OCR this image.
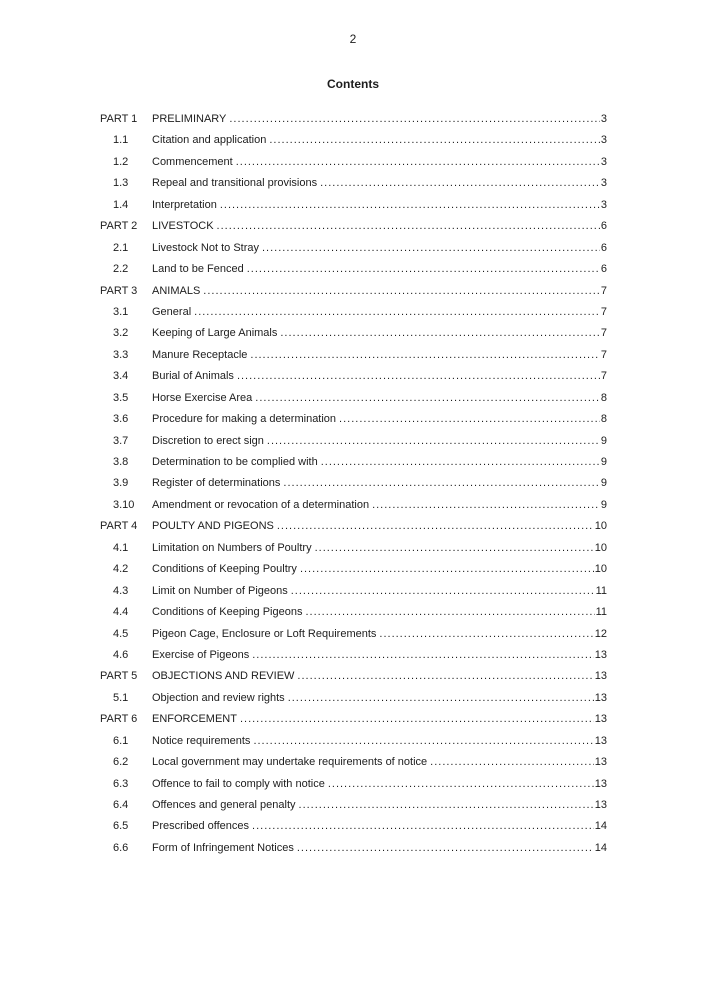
2
Contents
PART 1	PRELIMINARY .....	3
1.1	Citation and application .....	3
1.2	Commencement .....	3
1.3	Repeal and transitional provisions .....	3
1.4	Interpretation .....	3
PART 2	LIVESTOCK .....	6
2.1	Livestock Not to Stray .....	6
2.2	Land to be Fenced .....	6
PART 3	ANIMALS .....	7
3.1	General .....	7
3.2	Keeping of Large Animals .....	7
3.3	Manure Receptacle .....	7
3.4	Burial of Animals .....	7
3.5	Horse Exercise Area .....	8
3.6	Procedure for making a determination .....	8
3.7	Discretion to erect sign .....	9
3.8	Determination to be complied with .....	9
3.9	Register of determinations .....	9
3.10	Amendment or revocation of a determination .....	9
PART 4	POULTY AND PIGEONS .....	10
4.1	Limitation on Numbers of Poultry .....	10
4.2	Conditions of Keeping Poultry .....	10
4.3	Limit on Number of Pigeons .....	11
4.4	Conditions of Keeping Pigeons .....	11
4.5	Pigeon Cage, Enclosure or Loft Requirements .....	12
4.6	Exercise of Pigeons .....	13
PART 5	OBJECTIONS AND REVIEW .....	13
5.1	Objection and review rights .....	13
PART 6	ENFORCEMENT .....	13
6.1	Notice requirements .....	13
6.2	Local government may undertake requirements of notice .....	13
6.3	Offence to fail to comply with notice .....	13
6.4	Offences and general penalty .....	13
6.5	Prescribed offences .....	14
6.6	Form of Infringement Notices .....	14
